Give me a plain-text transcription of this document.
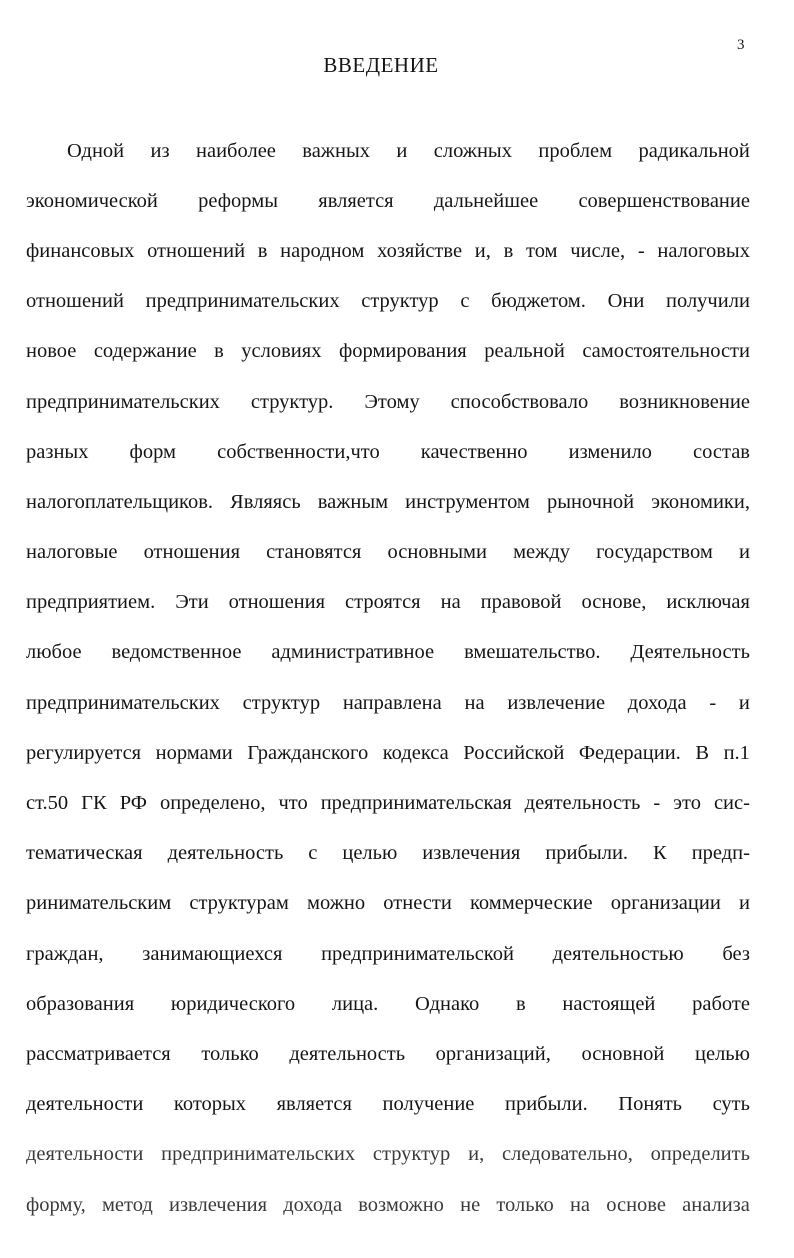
3
ВВЕДЕНИЕ
Одной из наиболее важных и сложных проблем радикальной
экономической реформы является дальнейшее совершенствование
финансовых отношений в народном хозяйстве и, в том числе, - налоговых
отношений предпринимательских структур с бюджетом. Они получили
новое содержание в условиях формирования реальной самостоятельности
предпринимательских структур. Этому способствовало возникновение
разных форм собственности,что качественно изменило состав
налогоплательщиков. Являясь важным инструментом рыночной экономики,
налоговые отношения становятся основными между государством и
предприятием. Эти отношения строятся на правовой основе, исключая
любое ведомственное административное вмешательство. Деятельность
предпринимательских структур направлена на извлечение дохода - и
регулируется нормами Гражданского кодекса Российской Федерации. В п.1
ст.50 ГК РФ определено, что предпринимательская деятельность - это сис-
тематическая деятельность с целью извлечения прибыли. К предп-
ринимательским структурам можно отнести коммерческие организации и
граждан, занимающиехся предпринимательской деятельностью без
образования юридического лица. Однако в настоящей работе
рассматривается только деятельность организаций, основной целью
деятельности которых является получение прибыли. Понять суть
деятельности предпринимательских структур и, следовательно, определить
форму, метод извлечения дохода возможно не только на основе анализа
